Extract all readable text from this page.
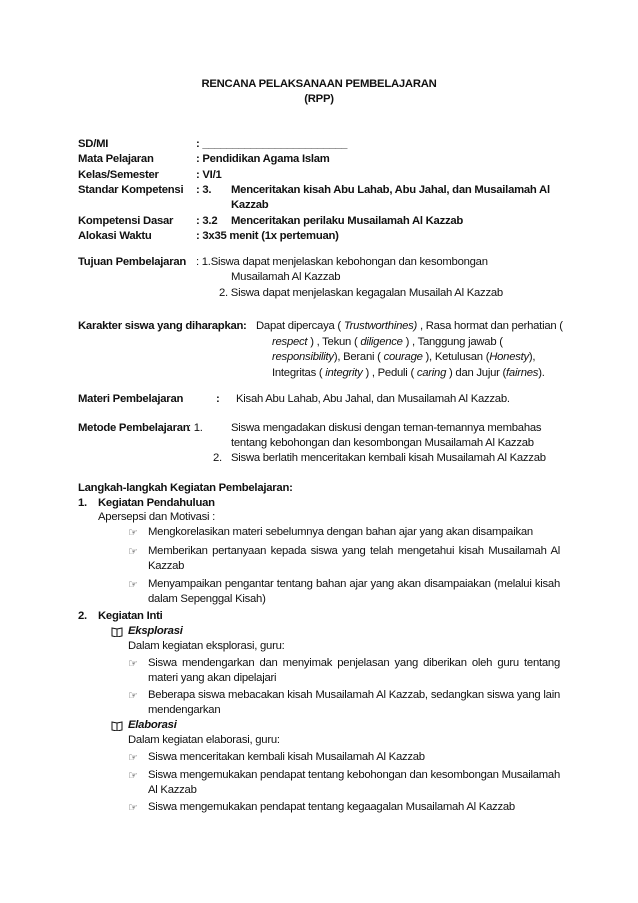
RENCANA PELAKSANAAN PEMBELAJARAN
(RPP)
SD/MI	: ________________________
Mata Pelajaran	: Pendidikan Agama Islam
Kelas/Semester	: VI/1
Standar Kompetensi : 3. Menceritakan kisah Abu Lahab, Abu Jahal, dan Musailamah Al
Kazzab
Kompetensi Dasar : 3.2 Menceritakan perilaku Musailamah Al Kazzab
Alokasi Waktu	: 3x35 menit (1x pertemuan)
Tujuan Pembelajaran : 1.Siswa dapat menjelaskan kebohongan dan kesombongan
Musailamah Al Kazzab
2. Siswa dapat menjelaskan kegagalan Musailah Al Kazzab
Karakter siswa yang diharapkan : Dapat dipercaya ( Trustworthines) , Rasa hormat dan perhatian (
respect ) , Tekun ( diligence ) , Tanggung jawab (
responsibility), Berani ( courage ), Ketulusan (Honesty),
Integritas ( integrity ) , Peduli ( caring ) dan Jujur (fairnes).
Materi Pembelajaran	: Kisah Abu Lahab, Abu Jahal, dan Musailamah Al Kazzab.
Metode Pembelajaran
: 1.	Siswa mengadakan diskusi dengan teman-temannya membahas
tentang kebohongan dan kesombongan Musailamah Al Kazzab
2. Siswa berlatih menceritakan kembali kisah Musailamah Al Kazzab
Langkah-langkah Kegiatan Pembelajaran:
1. Kegiatan Pendahuluan
Apersepsi dan Motivasi :
☞ Mengkorelasikan materi sebelumnya dengan bahan ajar yang akan disampaikan
☞ Memberikan pertanyaan kepada siswa yang telah mengetahui kisah Musailamah Al
Kazzab
☞ Menyampaikan pengantar tentang bahan ajar yang akan disampaiakan (melalui kisah
dalam Sepenggal Kisah)
2. Kegiatan Inti
Eksplorasi
Dalam kegiatan eksplorasi, guru:
☞ Siswa mendengarkan dan menyimak penjelasan yang diberikan oleh guru tentang
materi yang akan dipelajari
☞ Beberapa siswa mebacakan kisah Musailamah Al Kazzab, sedangkan siswa yang lain
mendengarkan
Elaborasi
Dalam kegiatan elaborasi, guru:
☞ Siswa menceritakan kembali kisah Musailamah Al Kazzab
☞ Siswa mengemukakan pendapat tentang kebohongan dan kesombongan Musailamah
Al Kazzab
☞ Siswa mengemukakan pendapat tentang kegaagalan Musailamah Al Kazzab
